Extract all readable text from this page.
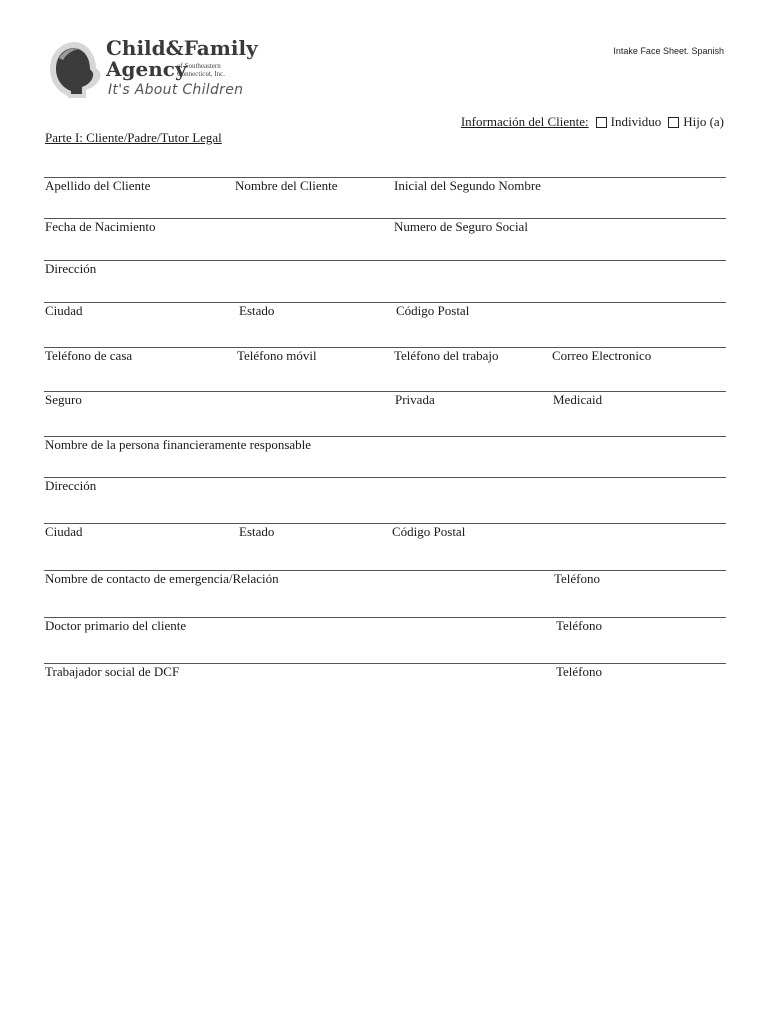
Child&Family
Agency
of Southeastern Connecticut, Inc.
It's About Children
Intake Face Sheet. Spanish
Información del Cliente: Individuo Hijo (a)
Parte I: Cliente/Padre/Tutor Legal
Apellido del Cliente	Nombre del Cliente	Inicial del Segundo Nombre
Fecha de Nacimiento	Numero de Seguro Social
Dirección
Ciudad	Estado	Código Postal
Teléfono de casa	Teléfono móvil	Teléfono del trabajo	Correo Electronico
Seguro	Privada	Medicaid
Nombre de la persona financieramente responsable
Dirección
Ciudad	Estado	Código Postal
Nombre de contacto de emergencia/Relación	Teléfono
Doctor primario del cliente	Teléfono
Trabajador social de DCF	Teléfono
